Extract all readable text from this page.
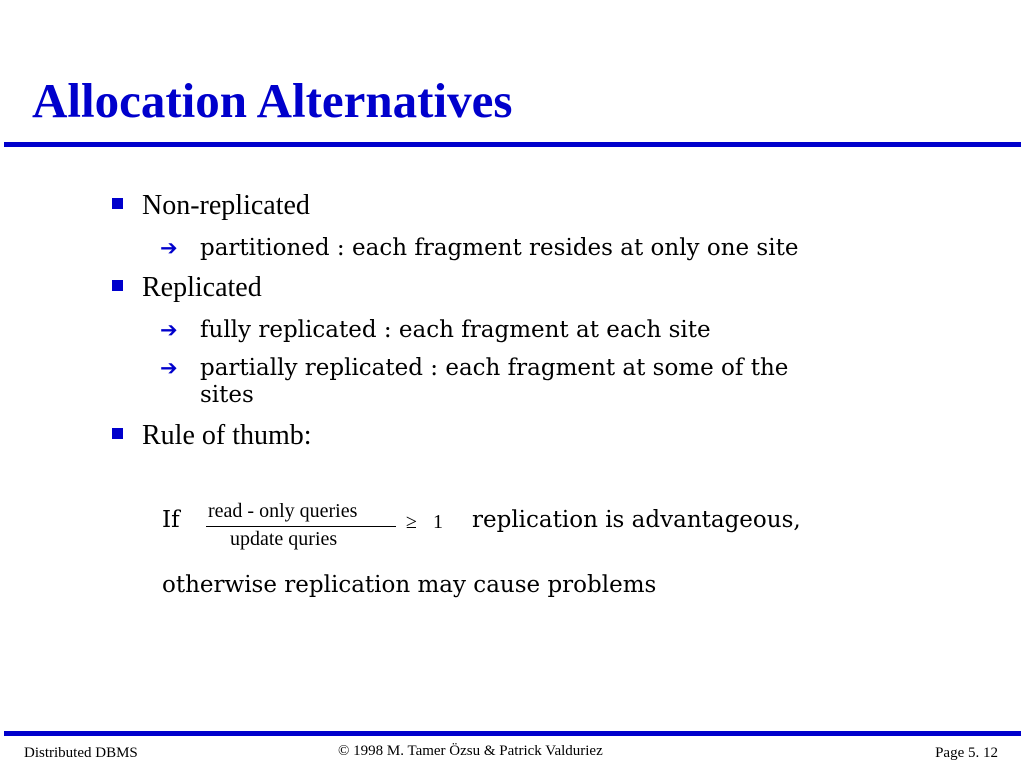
Allocation Alternatives
Non-replicated
➔ partitioned : each fragment resides at only one site
Replicated
➔ fully replicated : each fragment at each site
➔ partially replicated : each fragment at some of the
sites
Rule of thumb:
If read - only queries
update quries
≥ 1 replication is advantageous,
otherwise replication may cause problems
Distributed DBMS	© 1998 M. Tamer Özsu & Patrick Valduriez	Page 5. 12
